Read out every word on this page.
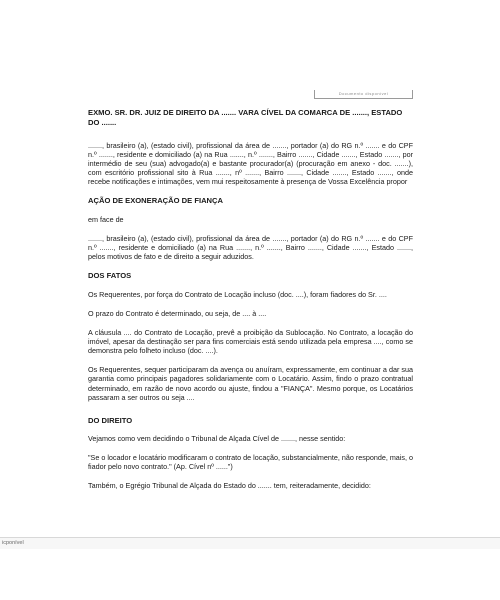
Documento disponível
EXMO. SR. DR. JUIZ DE DIREITO DA ....... VARA CÍVEL DA COMARCA DE ......., ESTADO DO .......

......., brasileiro (a), (estado civil), profissional da área de ......., portador (a) do RG n.º ....... e do CPF n.º ......., residente e domiciliado (a) na Rua ......., n.º ......., Bairro ......., Cidade ......., Estado ......., por intermédio de seu (sua) advogado(a) e bastante procurador(a) (procuração em anexo - doc. .......), com escritório profissional sito à Rua ......., nº ......., Bairro ......., Cidade ......., Estado ......., onde recebe notificações e intimações, vem mui respeitosamente à presença de Vossa Excelência propor

AÇÃO DE EXONERAÇÃO DE FIANÇA

em face de

......., brasileiro (a), (estado civil), profissional da área de ......., portador (a) do RG n.º ....... e do CPF n.º ......., residente e domiciliado (a) na Rua ......., n.º ......., Bairro ......., Cidade ......., Estado ......., pelos motivos de fato e de direito a seguir aduzidos.

DOS FATOS

Os Requerentes, por força do Contrato de Locação incluso (doc. ....), foram fiadores do Sr. ....

O prazo do Contrato é determinado, ou seja, de .... à ....

A cláusula .... do Contrato de Locação, prevê a proibição da Sublocação. No Contrato, a locação do imóvel, apesar da destinação ser para fins comerciais está sendo utilizada pela empresa ...., como se demonstra pelo folheto incluso (doc. ....).

Os Requerentes, sequer participaram da avença ou anuíram, expressamente, em continuar a dar sua garantia como principais pagadores solidariamente com o Locatário. Assim, findo o prazo contratual determinado, em razão de novo acordo ou ajuste, findou a "FIANÇA". Mesmo porque, os Locatários passaram a ser outros ou seja ....

DO DIREITO

Vejamos como vem decidindo o Tribunal de Alçada Cível de ......., nesse sentido:

"Se o locador e locatário modificaram o contrato de locação, substancialmente, não responde, mais, o fiador pelo novo contrato." (Ap. Cível nº ......")

Também, o Egrégio Tribunal de Alçada do Estado do ....... tem, reiteradamente, decidido:

icponível
